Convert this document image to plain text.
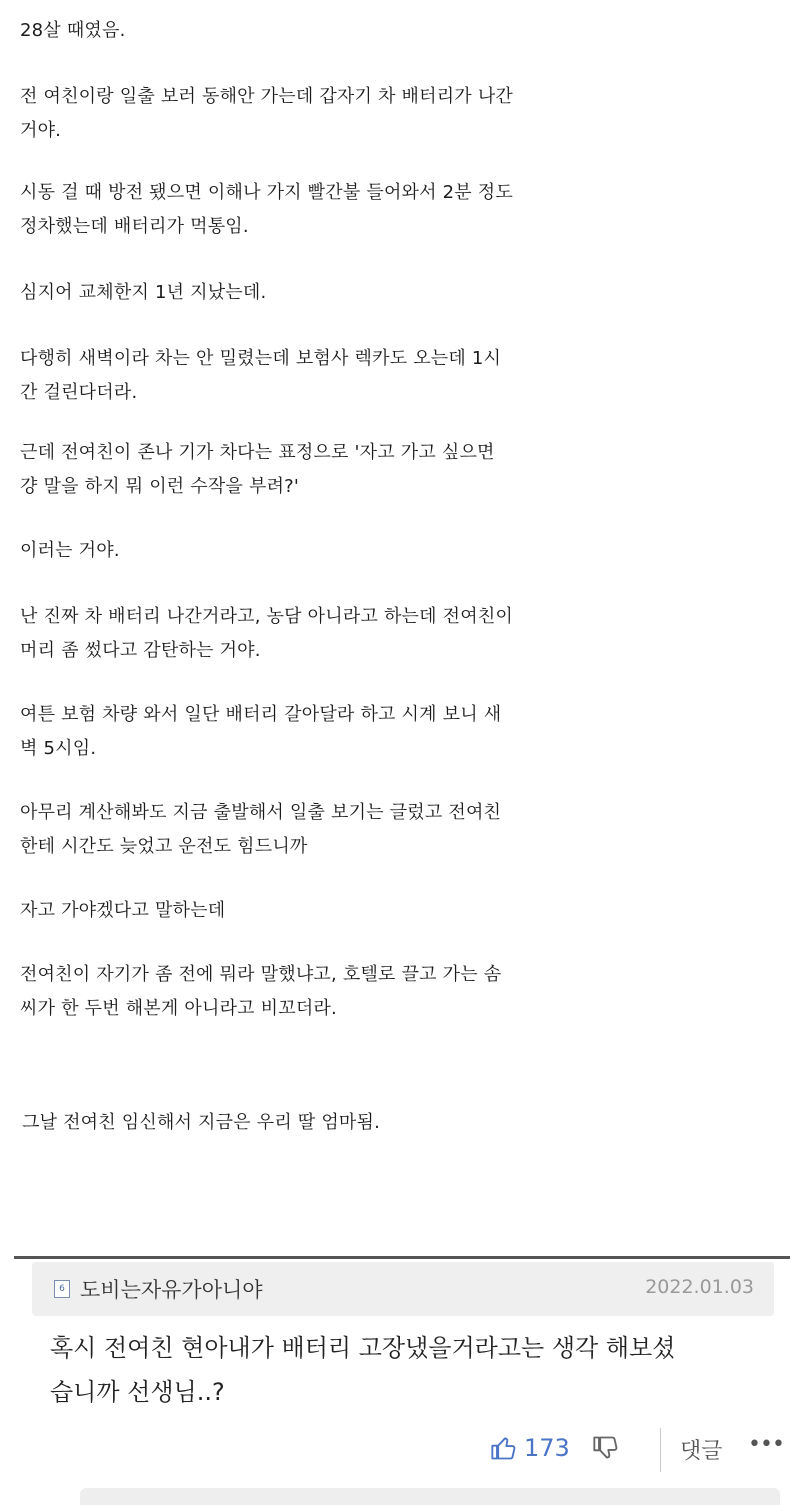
28살 때였음.
전 여친이랑 일출 보러 동해안 가는데 갑자기 차 배터리가 나간
거야.
시동 걸 때 방전 됐으면 이해나 가지 빨간불 들어와서 2분 정도
정차했는데 배터리가 먹통임.
심지어 교체한지 1년 지났는데.
다행히 새벽이라 차는 안 밀렸는데 보험사 렉카도 오는데 1시
간 걸린다더라.
근데 전여친이 존나 기가 차다는 표정으로 '자고 가고 싶으면
걍 말을 하지 뭐 이런 수작을 부려?'
이러는 거야.
난 진짜 차 배터리 나간거라고, 농담 아니라고 하는데 전여친이
머리 좀 썼다고 감탄하는 거야.
여튼 보험 차량 와서 일단 배터리 갈아달라 하고 시계 보니 새
벽 5시임.
아무리 계산해봐도 지금 출발해서 일출 보기는 글렀고 전여친
한테 시간도 늦었고 운전도 힘드니까
자고 가야겠다고 말하는데
전여친이 자기가 좀 전에 뭐라 말했냐고, 호텔로 끌고 가는 솜
씨가 한 두번 해본게 아니라고 비꼬더라.
그날 전여친 임신해서 지금은 우리 딸 엄마됨.
6 도비는자유가아니야	2022.01.03
혹시 전여친 현아내가 배터리 고장냈을거라고는 생각 해보셨
습니까 선생님..?
173	댓글 •••
